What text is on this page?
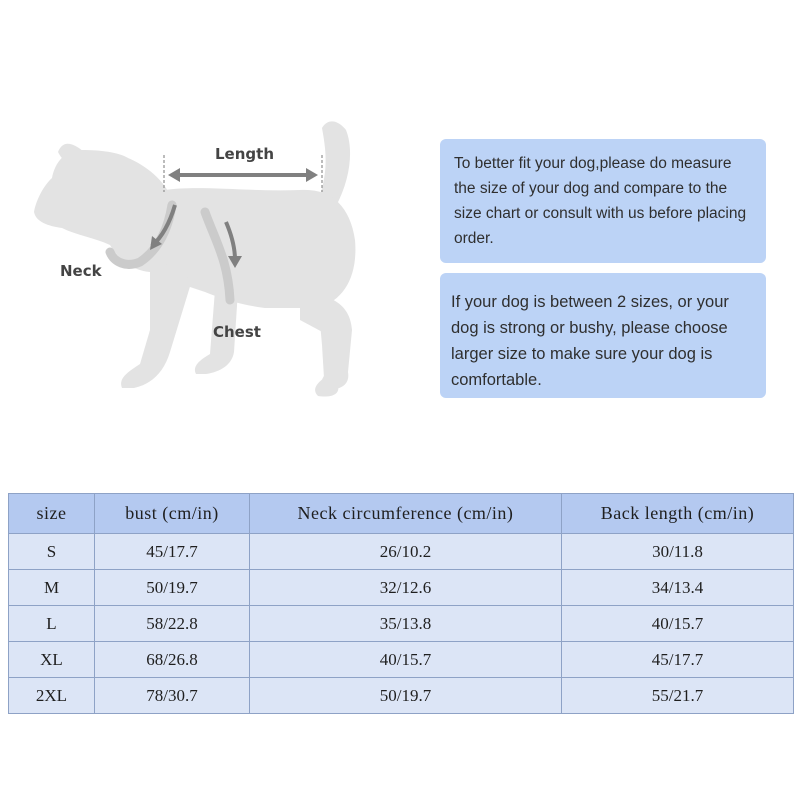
Length
Neck
Chest
To better fit your dog,please do measure the size of your dog and compare to the size chart or consult with us before placing order.
If your dog is between 2 sizes, or your dog is strong or bushy, please choose larger size to make sure your dog is comfortable.
size	bust (cm/in)	Neck circumference (cm/in)	Back length (cm/in)
S	45/17.7	26/10.2	30/11.8
M	50/19.7	32/12.6	34/13.4
L	58/22.8	35/13.8	40/15.7
XL	68/26.8	40/15.7	45/17.7
2XL	78/30.7	50/19.7	55/21.7
